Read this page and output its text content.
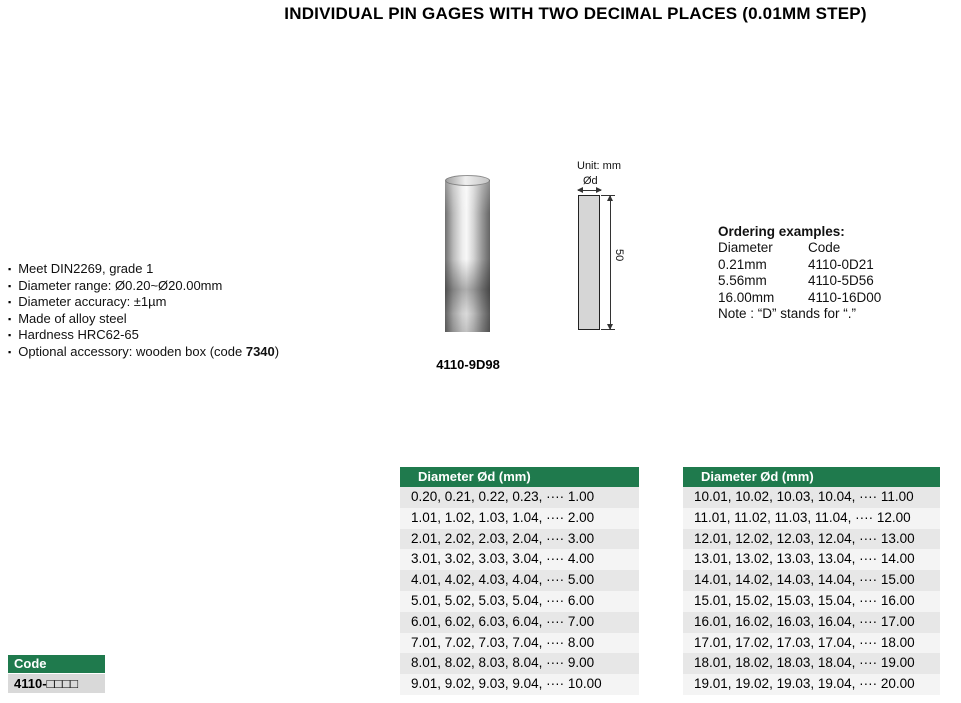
INDIVIDUAL PIN GAGES WITH TWO DECIMAL PLACES (0.01MM STEP)
▪ Meet DIN2269, grade 1
▪ Diameter range: Ø0.20~Ø20.00mm
▪ Diameter accuracy: ±1µm
▪ Made of alloy steel
▪ Hardness HRC62-65
▪ Optional accessory: wooden box (code 7340)
4110-9D98
Unit: mm
Ød
50
Ordering examples:
Diameter	Code
0.21mm	4110-0D21
5.56mm	4110-5D56
16.00mm	4110-16D00
Note : “D” stands for “.”
Diameter Ød (mm)
0.20, 0.21, 0.22, 0.23, ···· 1.00
1.01, 1.02, 1.03, 1.04, ···· 2.00
2.01, 2.02, 2.03, 2.04, ···· 3.00
3.01, 3.02, 3.03, 3.04, ···· 4.00
4.01, 4.02, 4.03, 4.04, ···· 5.00
5.01, 5.02, 5.03, 5.04, ···· 6.00
6.01, 6.02, 6.03, 6.04, ···· 7.00
7.01, 7.02, 7.03, 7.04, ···· 8.00
8.01, 8.02, 8.03, 8.04, ···· 9.00
9.01, 9.02, 9.03, 9.04, ···· 10.00
Diameter Ød (mm)
10.01, 10.02, 10.03, 10.04, ···· 11.00
11.01, 11.02, 11.03, 11.04, ···· 12.00
12.01, 12.02, 12.03, 12.04, ···· 13.00
13.01, 13.02, 13.03, 13.04, ···· 14.00
14.01, 14.02, 14.03, 14.04, ···· 15.00
15.01, 15.02, 15.03, 15.04, ···· 16.00
16.01, 16.02, 16.03, 16.04, ···· 17.00
17.01, 17.02, 17.03, 17.04, ···· 18.00
18.01, 18.02, 18.03, 18.04, ···· 19.00
19.01, 19.02, 19.03, 19.04, ···· 20.00
Code
4110-□□□□
